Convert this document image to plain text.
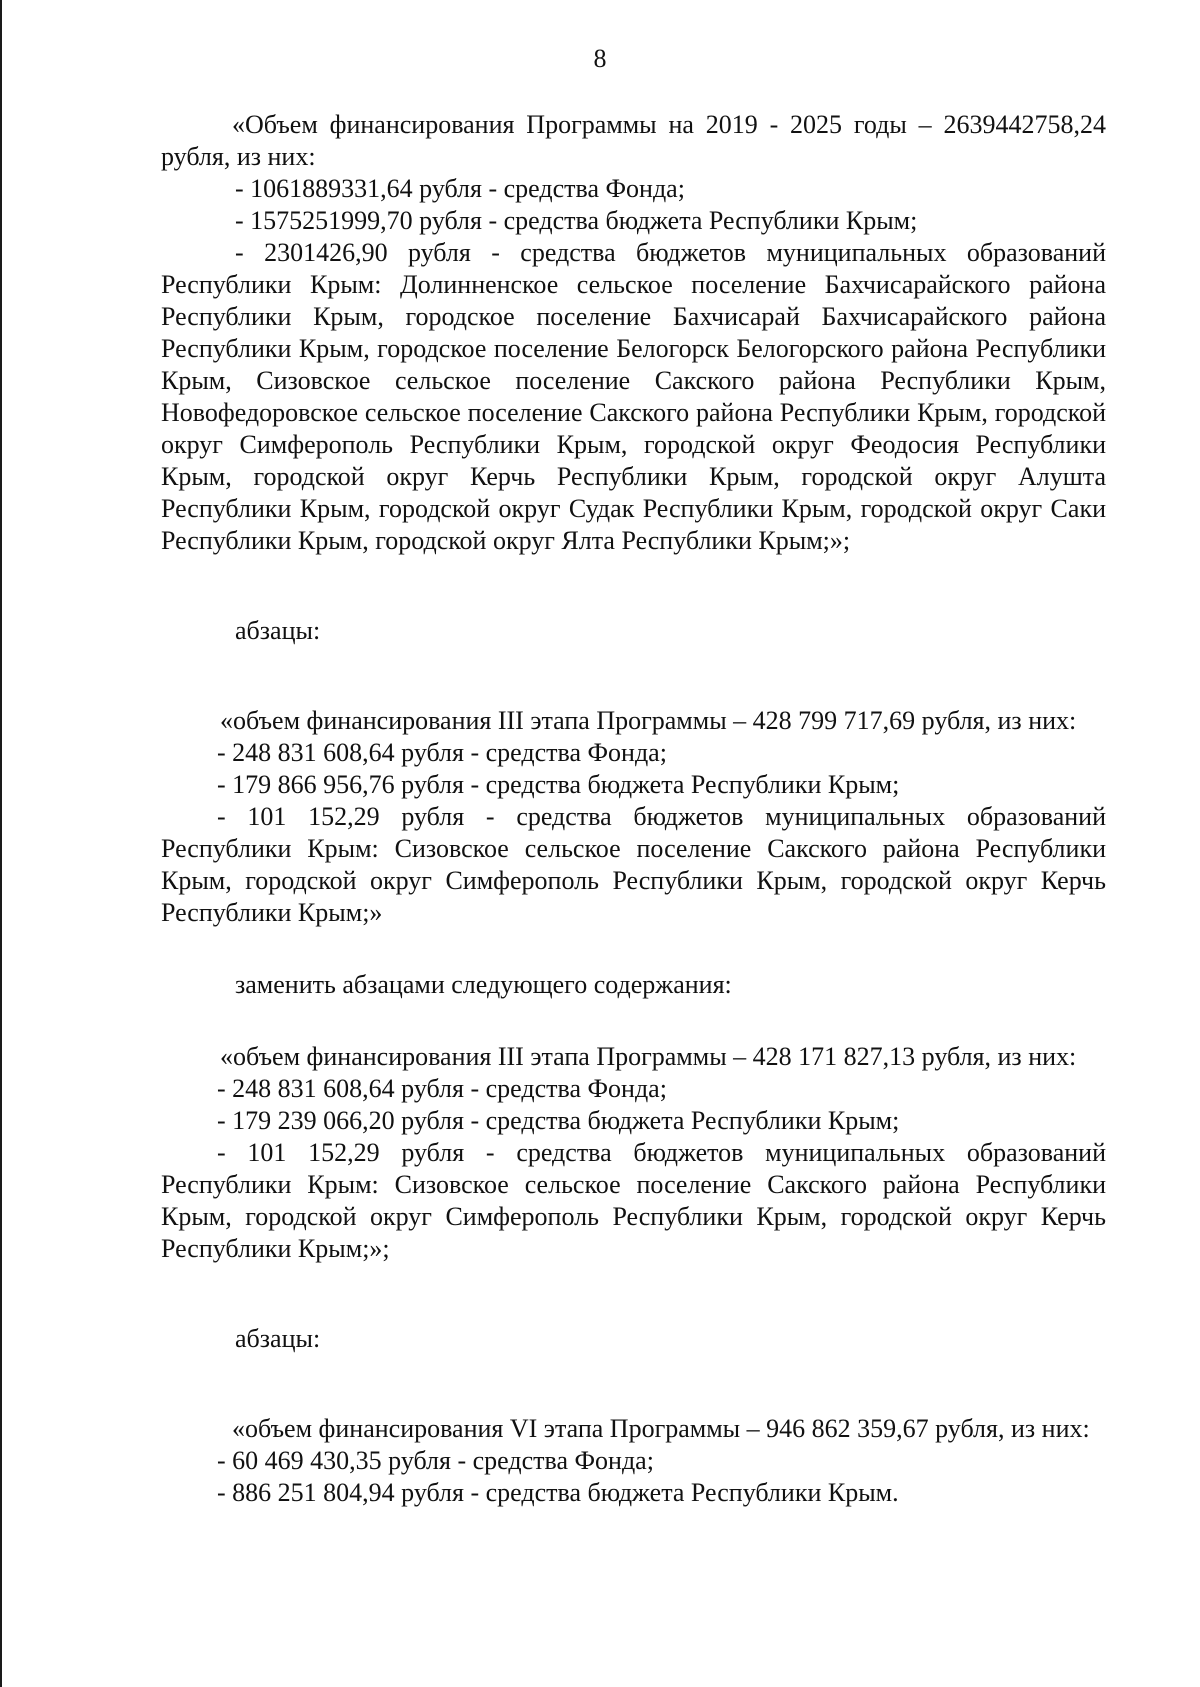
8

«Объем финансирования Программы на 2019 - 2025 годы – 2639442758,24 рубля, из них:

- 1061889331,64 рубля - средства Фонда;

- 1575251999,70 рубля - средства бюджета Республики Крым;

- 2301426,90 рубля - средства бюджетов муниципальных образований Республики Крым: Долинненское сельское поселение Бахчисарайского района Республики Крым, городское поселение Бахчисарай Бахчисарайского района Республики Крым, городское поселение Белогорск Белогорского района Республики Крым, Сизовское сельское поселение Сакского района Республики Крым, Новофедоровское сельское поселение Сакского района Республики Крым, городской округ Симферополь Республики Крым, городской округ Феодосия Республики Крым, городской округ Керчь Республики Крым, городской округ Алушта Республики Крым, городской округ Судак Республики Крым, городской округ Саки Республики Крым, городской округ Ялта Республики Крым;»;

абзацы:

«объем финансирования III этапа Программы – 428 799 717,69 рубля, из них:

- 248 831 608,64 рубля - средства Фонда;

- 179 866 956,76 рубля - средства бюджета Республики Крым;

- 101 152,29 рубля - средства бюджетов муниципальных образований Республики Крым: Сизовское сельское поселение Сакского района Республики Крым, городской округ Симферополь Республики Крым, городской округ Керчь Республики Крым;»

заменить абзацами следующего содержания:

«объем финансирования III этапа Программы – 428 171 827,13 рубля, из них:

- 248 831 608,64 рубля - средства Фонда;

- 179 239 066,20 рубля - средства бюджета Республики Крым;

- 101 152,29 рубля - средства бюджетов муниципальных образований Республики Крым: Сизовское сельское поселение Сакского района Республики Крым, городской округ Симферополь Республики Крым, городской округ Керчь Республики Крым;»;

абзацы:

«объем финансирования VI этапа Программы – 946 862 359,67 рубля, из них:

- 60 469 430,35 рубля - средства Фонда;

- 886 251 804,94 рубля - средства бюджета Республики Крым.
